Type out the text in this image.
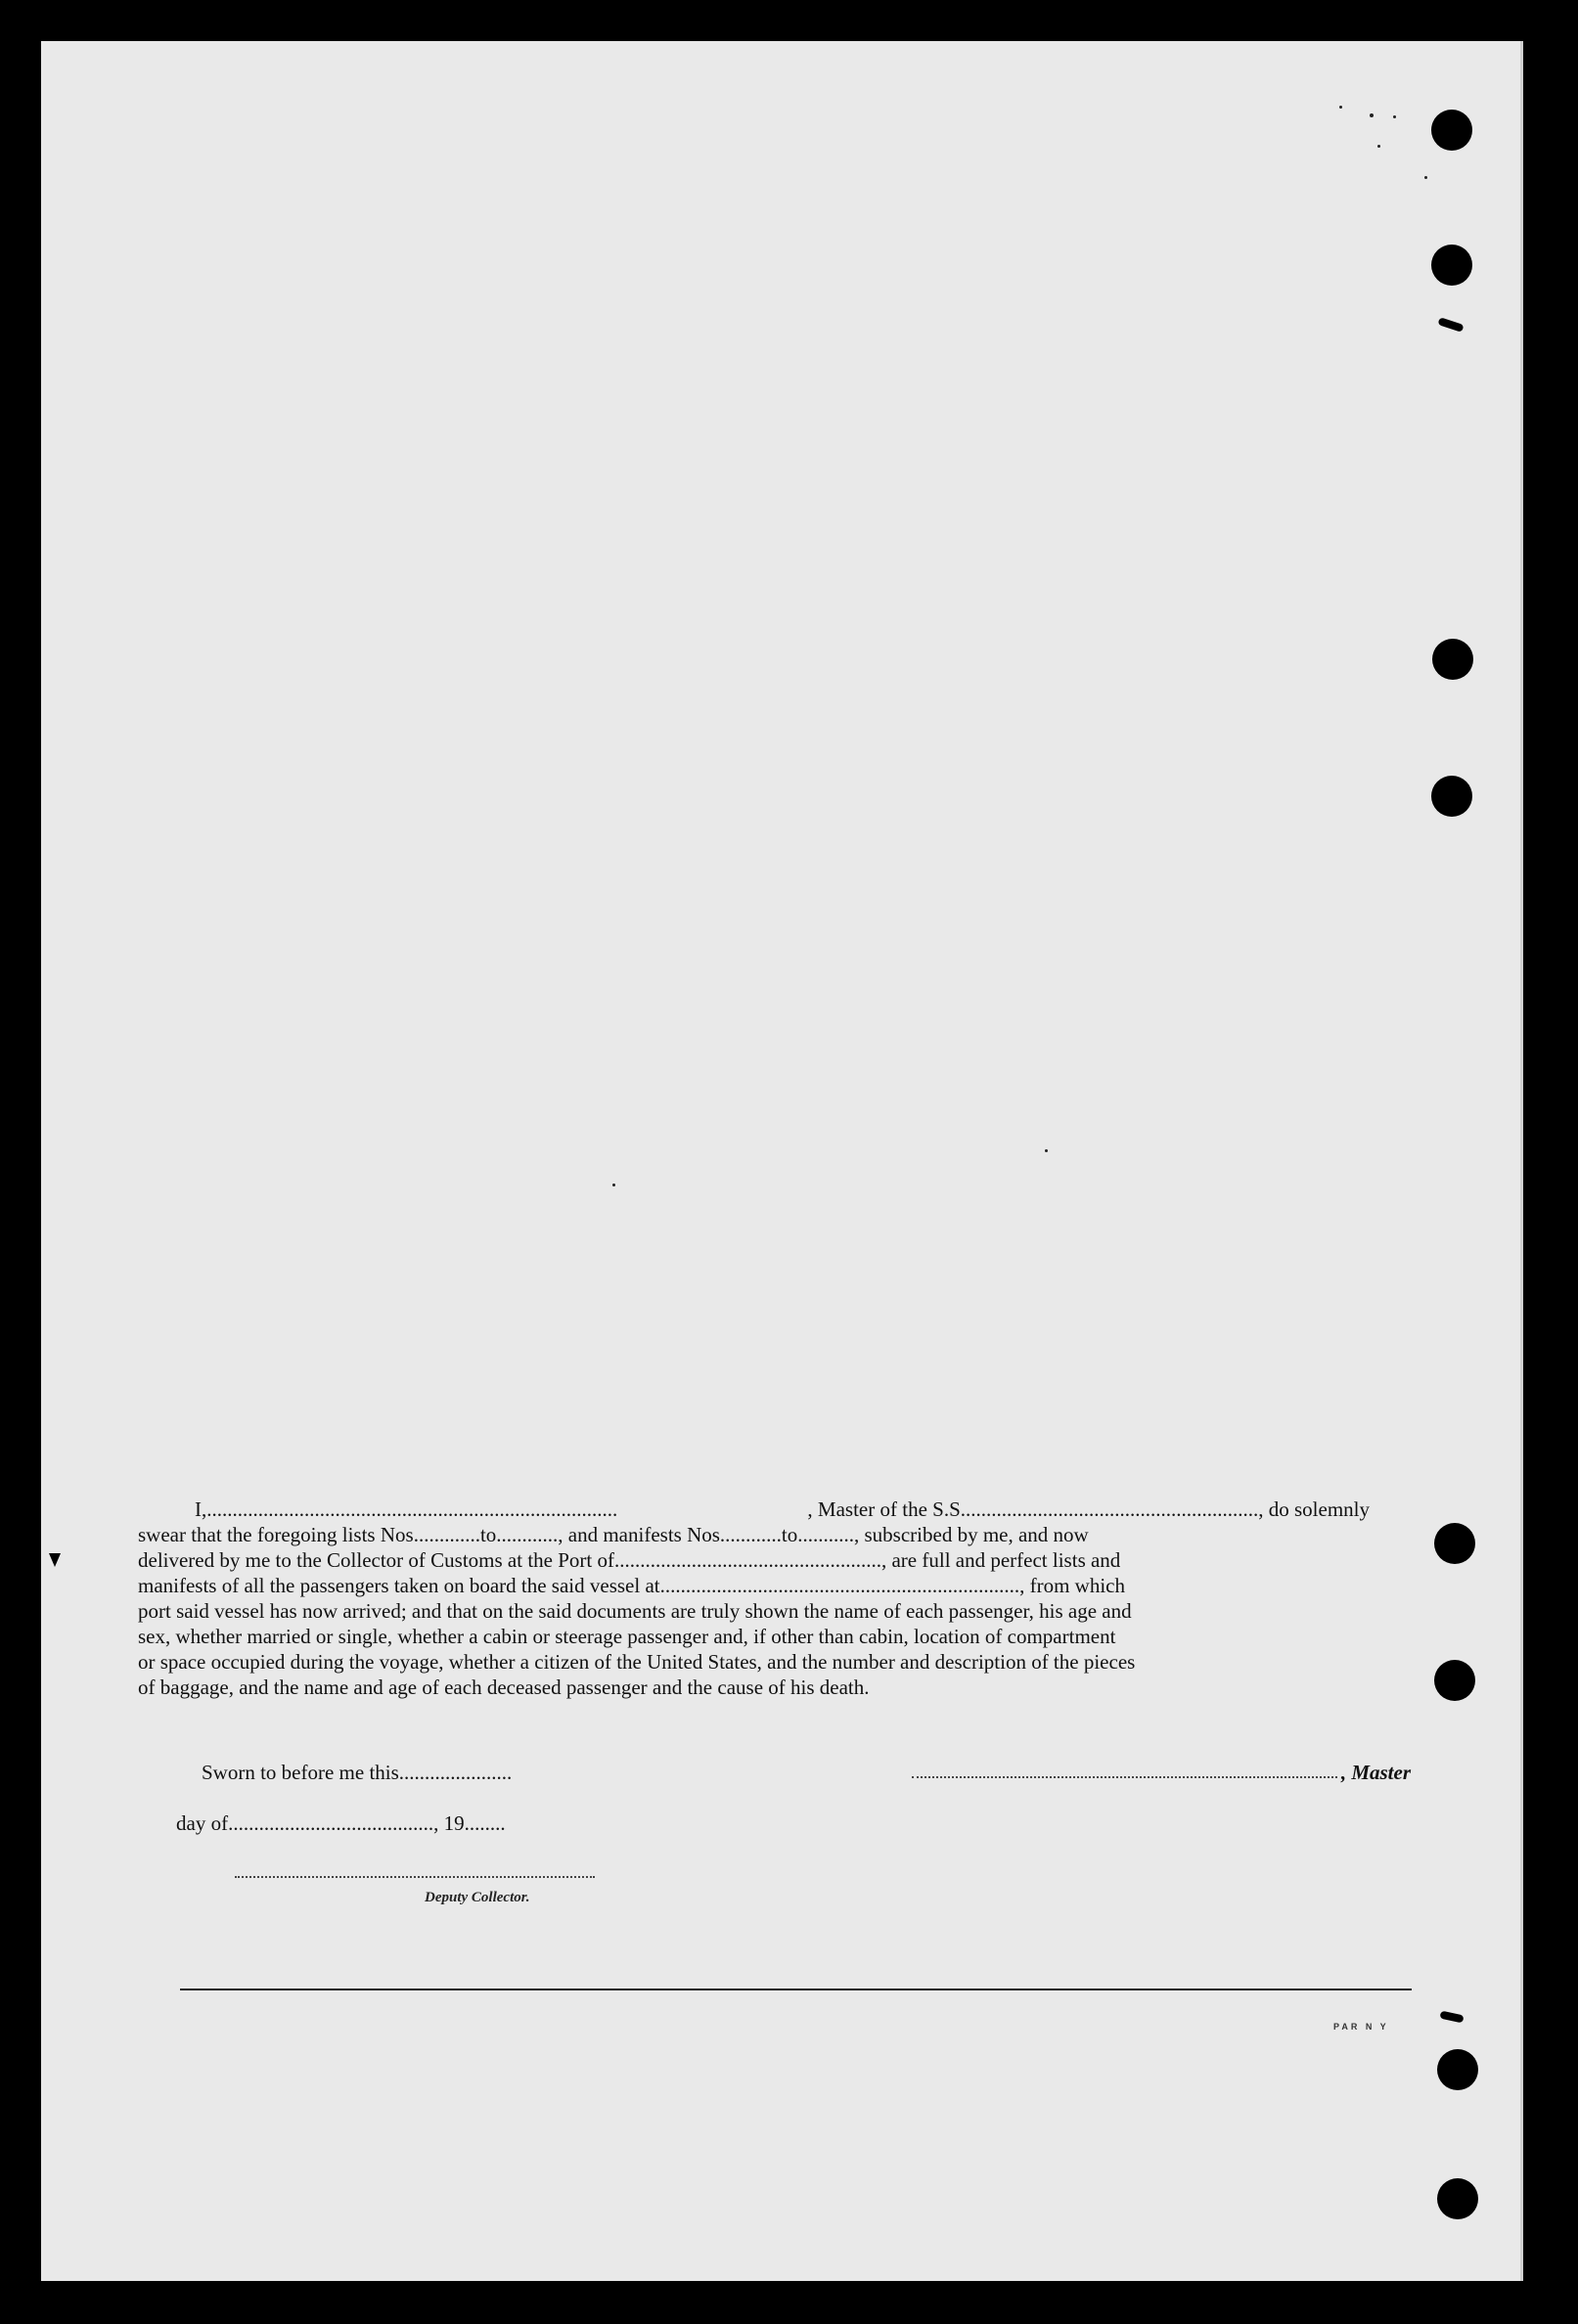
I,................................................................................	, Master of the S.S.........................................................., do solemnly
swear that the foregoing lists Nos.............to............, and manifests Nos............to..........., subscribed by me, and now
delivered by me to the Collector of Customs at the Port of...................................................., are full and perfect lists and
manifests of all the passengers taken on board the said vessel at......................................................................, from which
port said vessel has now arrived; and that on the said documents are truly shown the name of each passenger, his age and
sex, whether married or single, whether a cabin or steerage passenger and, if other than cabin, location of compartment
or space occupied during the voyage, whether a citizen of the United States, and the number and description of the pieces
of baggage, and the name and age of each deceased passenger and the cause of his death.
Sworn to before me this......................	, Master
day of........................................, 19........
Deputy Collector.
PAR N Y
